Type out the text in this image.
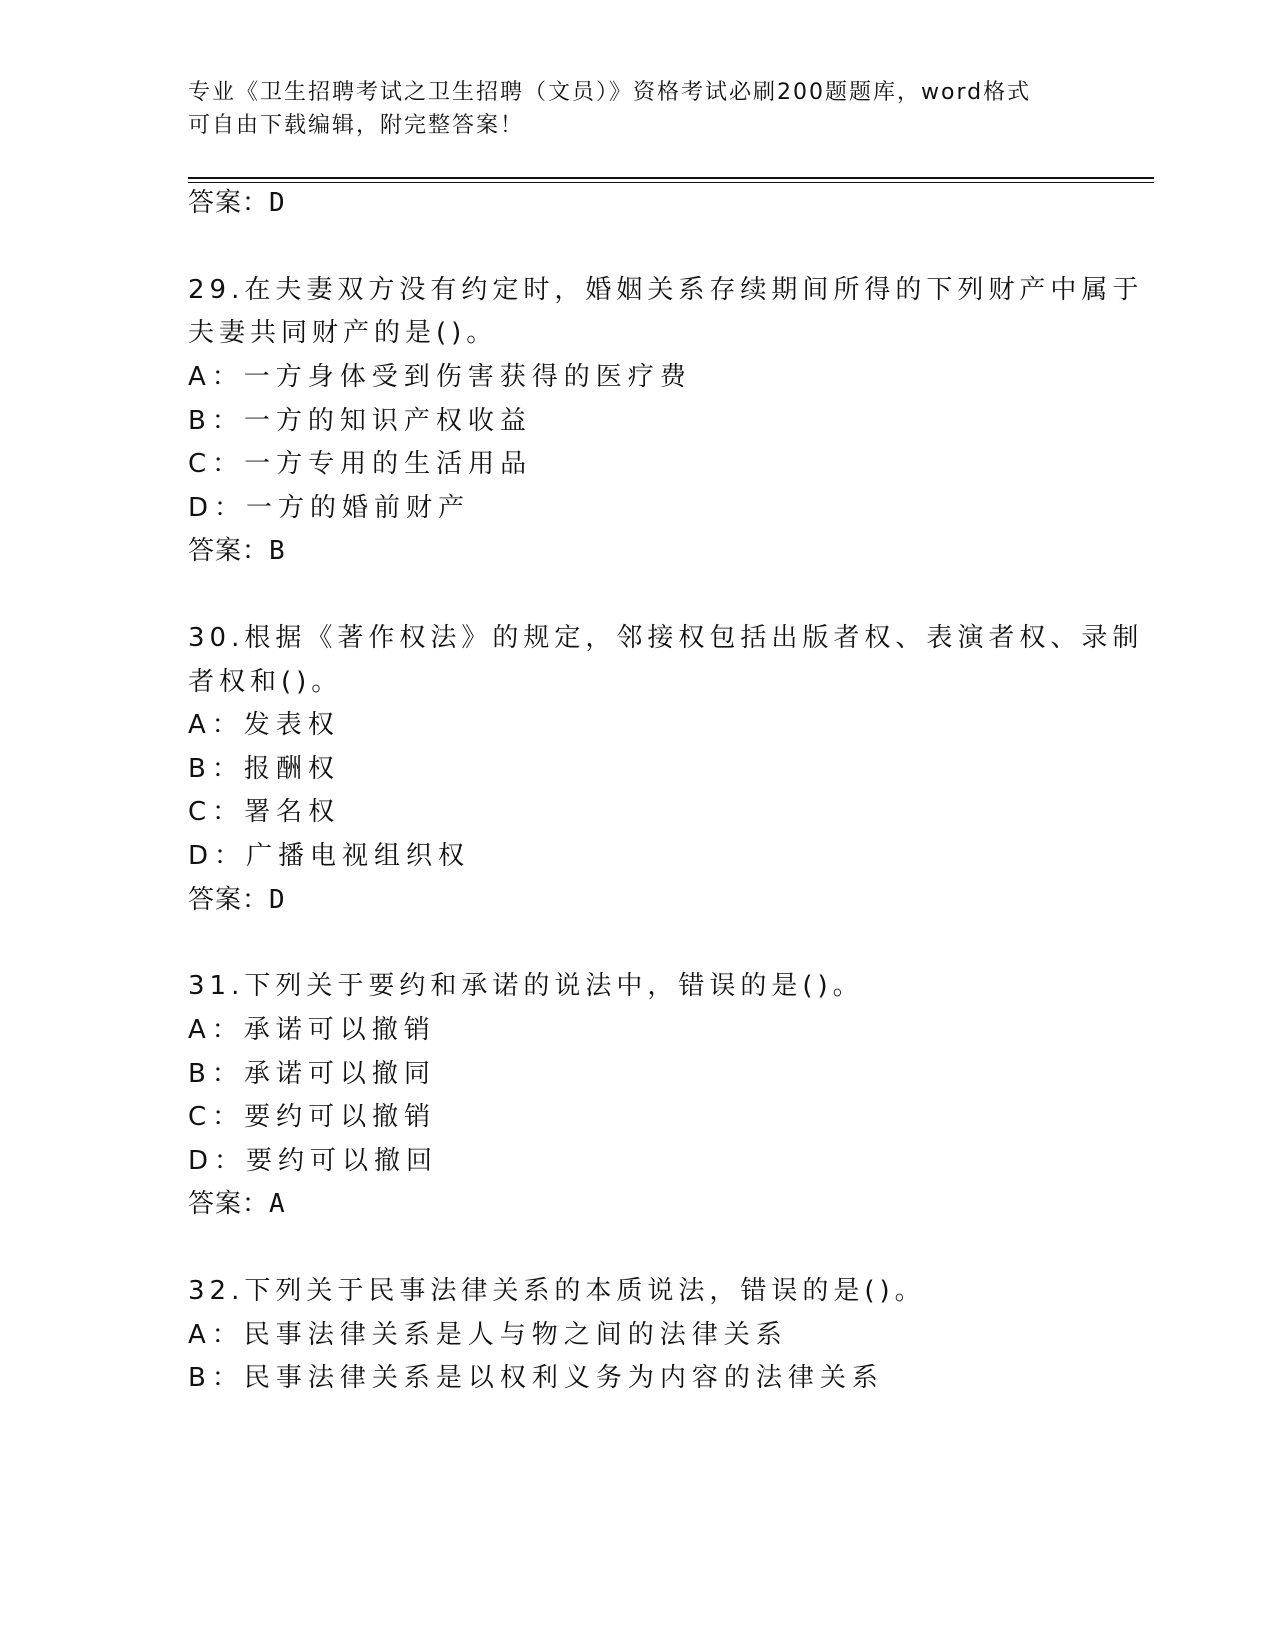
专业《卫生招聘考试之卫生招聘（文员）》资格考试必刷200题题库，word格式
可自由下载编辑，附完整答案！
答案：D
29.在夫妻双方没有约定时，婚姻关系存续期间所得的下列财产中属于
夫妻共同财产的是()。
A：一方身体受到伤害获得的医疗费
B：一方的知识产权收益
C：一方专用的生活用品
D：一方的婚前财产
答案：B
30.根据《著作权法》的规定，邻接权包括出版者权、表演者权、录制
者权和()。
A：发表权
B：报酬权
C：署名权
D：广播电视组织权
答案：D
31.下列关于要约和承诺的说法中，错误的是()。
A：承诺可以撤销
B：承诺可以撤同
C：要约可以撤销
D：要约可以撤回
答案：A
32.下列关于民事法律关系的本质说法，错误的是()。
A：民事法律关系是人与物之间的法律关系
B：民事法律关系是以权利义务为内容的法律关系
